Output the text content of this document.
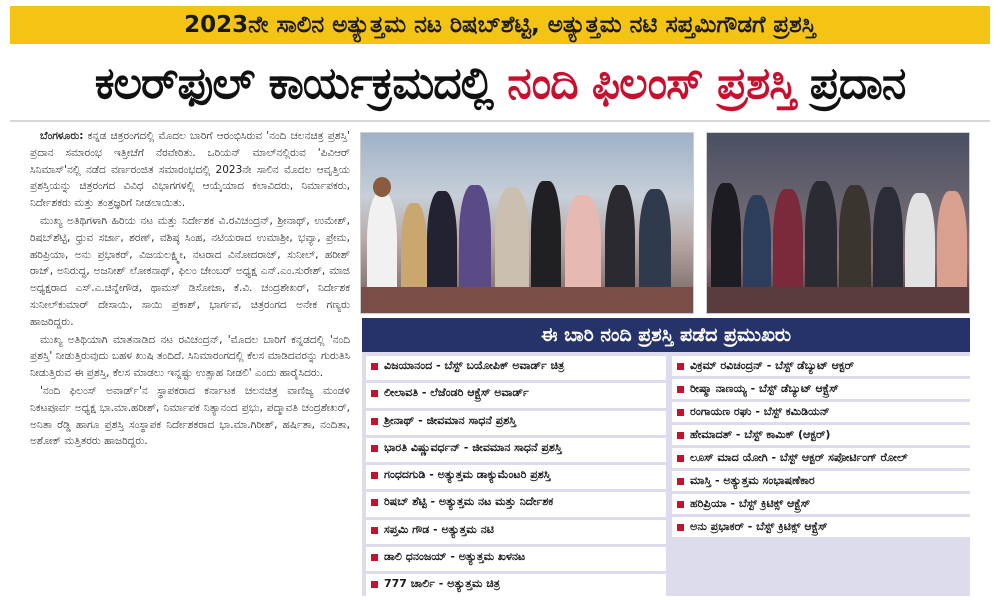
2023ನೇ ಸಾಲಿನ ಅತ್ಯುತ್ತಮ ನಟ ರಿಷಬ್‌ಶೆಟ್ಟಿ, ಅತ್ಯುತ್ತಮ ನಟಿ ಸಪ್ತಮಿಗೌಡಗೆ ಪ್ರಶಸ್ತಿ
ಕಲರ್‌ಫುಲ್ ಕಾರ್ಯಕ್ರಮದಲ್ಲಿ ನಂದಿ ಫಿಲಂಸ್ ಪ್ರಶಸ್ತಿ ಪ್ರದಾನ

ಬೆಂಗಳೂರು: ಕನ್ನಡ ಚಿತ್ರರಂಗದಲ್ಲಿ ಮೊದಲ ಬಾರಿಗೆ ಆರಂಭಿಸಿರುವ 'ನಂದಿ ಚಲನಚಿತ್ರ ಪ್ರಶಸ್ತಿ' ಪ್ರದಾನ ಸಮಾರಂಭ ಇತ್ತೀಚೆಗೆ ನೆರವೇರಿತು. ಒರಿಯನ್ ಮಾಲ್‌ನಲ್ಲಿರುವ 'ಪಿವಿಆರ್ ಸಿನಿಮಾಸ್'ನಲ್ಲಿ ನಡೆದ ವರ್ಣರಂಜಿತ ಸಮಾರಂಭದಲ್ಲಿ 2023ನೇ ಸಾಲಿನ ಮೊದಲ ಆವೃತ್ತಿಯ ಪ್ರಶಸ್ತಿಯನ್ನು ಚಿತ್ರರಂಗದ ವಿವಿಧ ವಿಭಾಗಗಳಲ್ಲಿ ಆಯ್ಕೆಯಾದ ಕಲಾವಿದರು, ನಿರ್ಮಾಪಕರು, ನಿರ್ದೇಶಕರು ಮತ್ತು ತಂತ್ರಜ್ಞರಿಗೆ ನೀಡಲಾಯಿತು.

ಮುಖ್ಯ ಅತಿಥಿಗಳಾಗಿ ಹಿರಿಯ ನಟ ಮತ್ತು ನಿರ್ದೇಶಕ ವಿ.ರವಿಚಂದ್ರನ್, ಶ್ರೀನಾಥ್, ಉಮೇಶ್, ರಿಷಬ್‌ಶೆಟ್ಟಿ, ಧ್ರುವ ಸರ್ಜಾ, ಶರಣ್, ವಶಿಷ್ಠ ಸಿಂಹ, ನಟಿಯರಾದ ಉಮಾಶ್ರೀ, ಭವ್ಯಾ, ಪ್ರೇಮ, ಹರಿಪ್ರಿಯಾ, ಅನು ಪ್ರಭಾಕರ್, ವಿಜಯಲಕ್ಷ್ಮೀ, ನಟರಾದ ವಿನೋದರಾಜ್, ಸುನೀಲ್, ಹರೀಶ್ ರಾಜ್, ಅನಿರುದ್ಧ, ಅಜನೀಶ್ ಲೋಕನಾಥ್, ಫಿಲಂ ಚೇಂಬರ್ ಅಧ್ಯಕ್ಷ ಎನ್.ಎಂ.ಸುರೇಶ್, ಮಾಜಿ ಅಧ್ಯಕ್ಷರಾದ ಎಸ್.ಎ.ಚಿನ್ನೇಗೌಡ, ಥಾಮಸ್ ಡಿಸೋಜಾ, ಕೆ.ವಿ. ಚಂದ್ರಶೇಖರ್, ನಿರ್ದೇಶಕ ಸುನೀಲ್‌ಕುಮಾರ್ ದೇಸಾಯಿ, ಸಾಯಿ ಪ್ರಕಾಶ್, ಭಾರ್ಗವ, ಚಿತ್ರರಂಗದ ಅನೇಕ ಗಣ್ಯರು ಹಾಜರಿದ್ದರು.

ಮುಖ್ಯ ಅತಿಥಿಯಾಗಿ ಮಾತನಾಡಿದ ನಟ ರವಿಚಂದ್ರನ್, 'ಮೊದಲ ಬಾರಿಗೆ ಕನ್ನಡದಲ್ಲಿ 'ನಂದಿ ಪ್ರಶಸ್ತಿ' ನೀಡುತ್ತಿರುವುದು ಬಹಳ ಖುಷಿ ತಂದಿದೆ. ಸಿನಿಮಾರಂಗದಲ್ಲಿ ಕೆಲಸ ಮಾಡಿದವರನ್ನು ಗುರುತಿಸಿ ನೀಡುತ್ತಿರುವ ಈ ಪ್ರಶಸ್ತಿ, ಕೆಲಸ ಮಾಡಲು ಇನ್ನಷ್ಟು ಉತ್ಸಾಹ ನೀಡಲಿ' ಎಂದು ಹಾರೈಸಿದರು.

'ನಂದಿ ಫಿಲಂಸ್ ಅವಾರ್ಡ್'ನ ಸ್ಥಾಪಕರಾದ ಕರ್ನಾಟಕ ಚಲನಚಿತ್ರ ವಾಣಿಜ್ಯ ಮಂಡಳಿ ನಿಕಟಪೂರ್ವ ಅಧ್ಯಕ್ಷ ಭಾ.ಮಾ.ಹರೀಶ್, ನಿರ್ಮಾಪಕ ನಿತ್ಯಾನಂದ ಪ್ರಭು, ಪದ್ಮಾವತಿ ಚಂದ್ರಶೇಖರ್, ಅನಿತಾ ರೆಡ್ಡಿ ಹಾಗೂ ಪ್ರಶಸ್ತಿ ಸಂಸ್ಥಾಪಕ ನಿರ್ದೇಶಕರಾದ ಭಾ.ಮಾ.ಗಿರೀಶ್, ಹರ್ಷಿತಾ, ನಂದಿತಾ, ಅಶೋಕ್ ಮತ್ತಿತರರು ಹಾಜರಿದ್ದರು.

ಈ ಬಾರಿ ನಂದಿ ಪ್ರಶಸ್ತಿ ಪಡೆದ ಪ್ರಮುಖರು
ವಿಜಯಾನಂದ - ಬೆಸ್ಟ್ ಬಯೋಪಿಕ್ ಅವಾರ್ಡ್ ಚಿತ್ರ
ಲೀಲಾವತಿ - ಲೆಜೆಂಡರಿ ಆಕ್ಟ್ರೆಸ್ ಅವಾರ್ಡ್
ಶ್ರೀನಾಥ್ - ಜೀವಮಾನ ಸಾಧನೆ ಪ್ರಶಸ್ತಿ
ಭಾರತಿ ವಿಷ್ಣುವರ್ಧನ್ - ಜೀವಮಾನ ಸಾಧನೆ ಪ್ರಶಸ್ತಿ
ಗಂಧದಗುಡಿ - ಅತ್ಯುತ್ತಮ ಡಾಕ್ಯುಮೆಂಟರಿ ಪ್ರಶಸ್ತಿ
ರಿಷಬ್ ಶೆಟ್ಟಿ - ಅತ್ಯುತ್ತಮ ನಟ ಮತ್ತು ನಿರ್ದೇಶಕ
ಸಪ್ತಮಿ ಗೌಡ - ಅತ್ಯುತ್ತಮ ನಟಿ
ಡಾಲಿ ಧನಂಜಯ್ - ಅತ್ಯುತ್ತಮ ಖಳನಟ
777 ಚಾರ್ಲಿ - ಅತ್ಯುತ್ತಮ ಚಿತ್ರ
ವಿಕ್ರಮ್ ರವಿಚಂದ್ರನ್ - ಬೆಸ್ಟ್ ಡೆಬ್ಯುಟ್ ಆಕ್ಟರ್
ರೀಷ್ಮಾ ನಾಣಯ್ಯ - ಬೆಸ್ಟ್ ಡೆಬ್ಯುಟ್ ಆಕ್ಟ್ರೆಸ್
ರಂಗಾಯಣ ರಘು - ಬೆಸ್ಟ್ ಕಮಿಡಿಯನ್
ಹೇಮಾದತ್ - ಬೆಸ್ಟ್ ಕಾಮಿಕ್ (ಆಕ್ಟರ್)
ಲೂಸ್ ಮಾದ ಯೋಗಿ - ಬೆಸ್ಟ್ ಆಕ್ಟರ್ ಸಪೋರ್ಟಿಂಗ್ ರೋಲ್
ಮಾಸ್ತಿ - ಅತ್ಯುತ್ತಮ ಸಂಭಾಷಣೆಕಾರ
ಹರಿಪ್ರಿಯಾ - ಬೆಸ್ಟ್ ಕ್ರಿಟಿಕ್ಸ್ ಆಕ್ಟ್ರೆಸ್
ಅನು ಪ್ರಭಾಕರ್ - ಬೆಸ್ಟ್ ಕ್ರಿಟಿಕ್ಸ್ ಆಕ್ಟ್ರೆಸ್
